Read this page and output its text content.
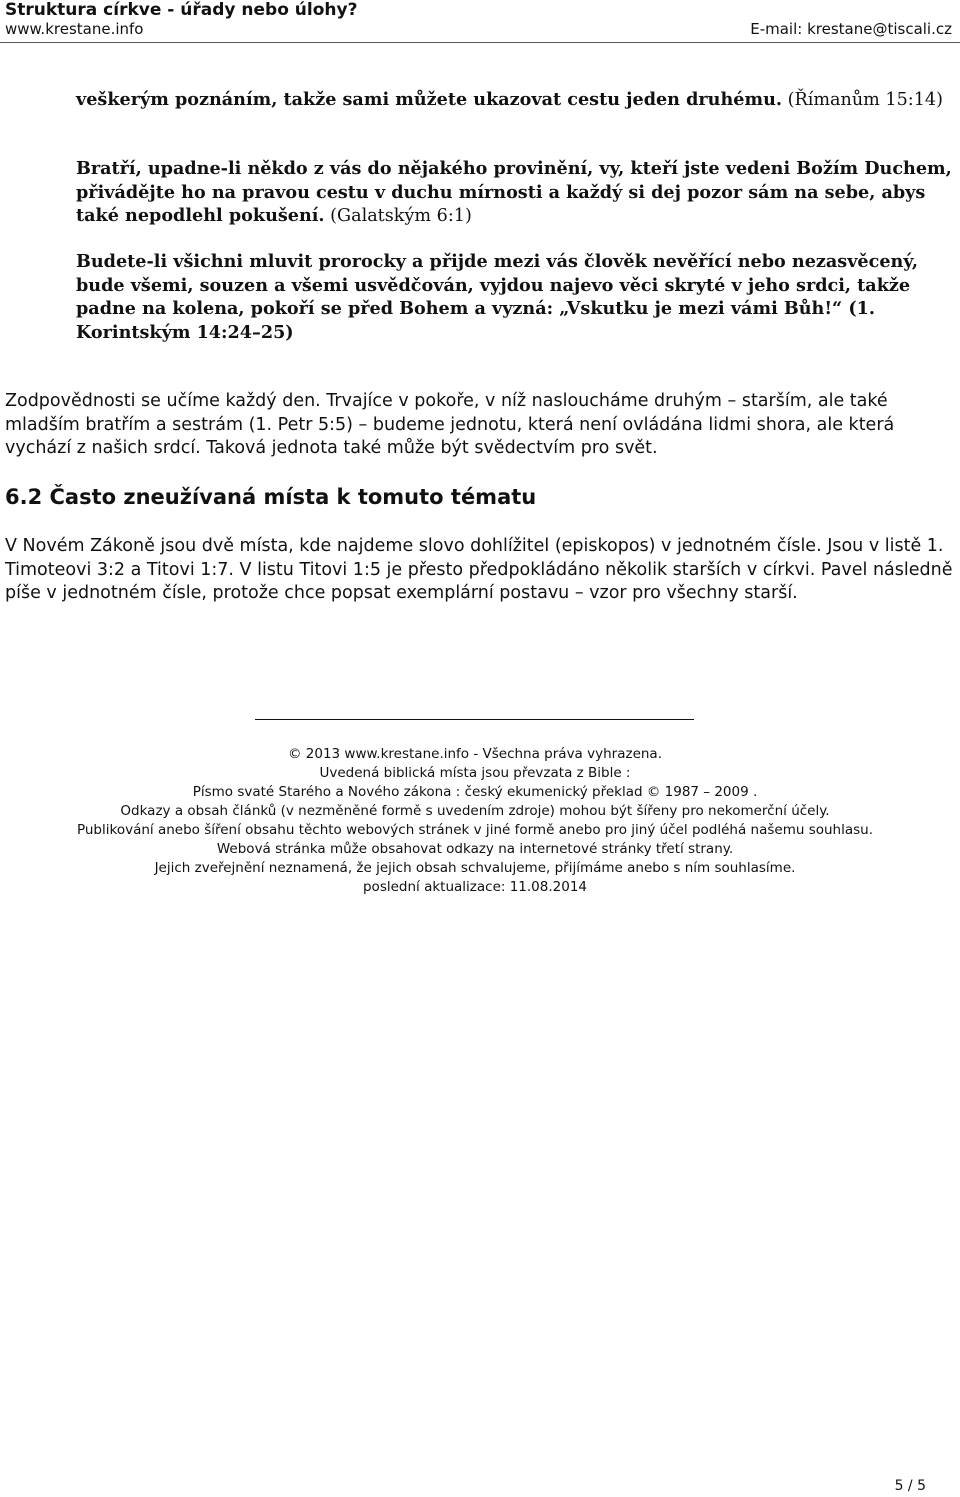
Struktura církve - úřady nebo úlohy?
www.krestane.info	E-mail: krestane@tiscali.cz

veškerým poznáním, takže sami můžete ukazovat cestu jeden druhému. (Římanům 15:14)

Bratří, upadne-li někdo z vás do nějakého provinění, vy, kteří jste vedeni Božím Duchem, přivádějte ho na pravou cestu v duchu mírnosti a každý si dej pozor sám na sebe, abys také nepodlehl pokušení. (Galatským 6:1)

Budete-li všichni mluvit prorocky a přijde mezi vás člověk nevěřící nebo nezasvěcený, bude všemi, souzen a všemi usvědčován, vyjdou najevo věci skryté v jeho srdci, takže padne na kolena, pokoří se před Bohem a vyzná: „Vskutku je mezi vámi Bůh!“ (1. Korintským 14:24–25)

Zodpovědnosti se učíme každý den. Trvajíce v pokoře, v níž nasloucháme druhým – starším, ale také mladším bratřím a sestrám (1. Petr 5:5) – budeme jednotu, která není ovládána lidmi shora, ale která vychází z našich srdcí. Taková jednota také může být svědectvím pro svět.

6.2 Často zneužívaná místa k tomuto tématu

V Novém Zákoně jsou dvě místa, kde najdeme slovo dohlížitel (episkopos) v jednotném čísle. Jsou v listě 1. Timoteovi 3:2 a Titovi 1:7. V listu Titovi 1:5 je přesto předpokládáno několik starších v církvi. Pavel následně píše v jednotném čísle, protože chce popsat exemplární postavu – vzor pro všechny starší.

© 2013 www.krestane.info - Všechna práva vyhrazena.
Uvedená biblická místa jsou převzata z Bible :
Písmo svaté Starého a Nového zákona : český ekumenický překlad © 1987 – 2009 .
Odkazy a obsah článků (v nezměněné formě s uvedením zdroje) mohou být šířeny pro nekomerční účely.
Publikování anebo šíření obsahu těchto webových stránek v jiné formě anebo pro jiný účel podléhá našemu souhlasu.
Webová stránka může obsahovat odkazy na internetové stránky třetí strany.
Jejich zveřejnění neznamená, že jejich obsah schvalujeme, přijímáme anebo s ním souhlasíme.
poslední aktualizace: 11.08.2014
5 / 5
